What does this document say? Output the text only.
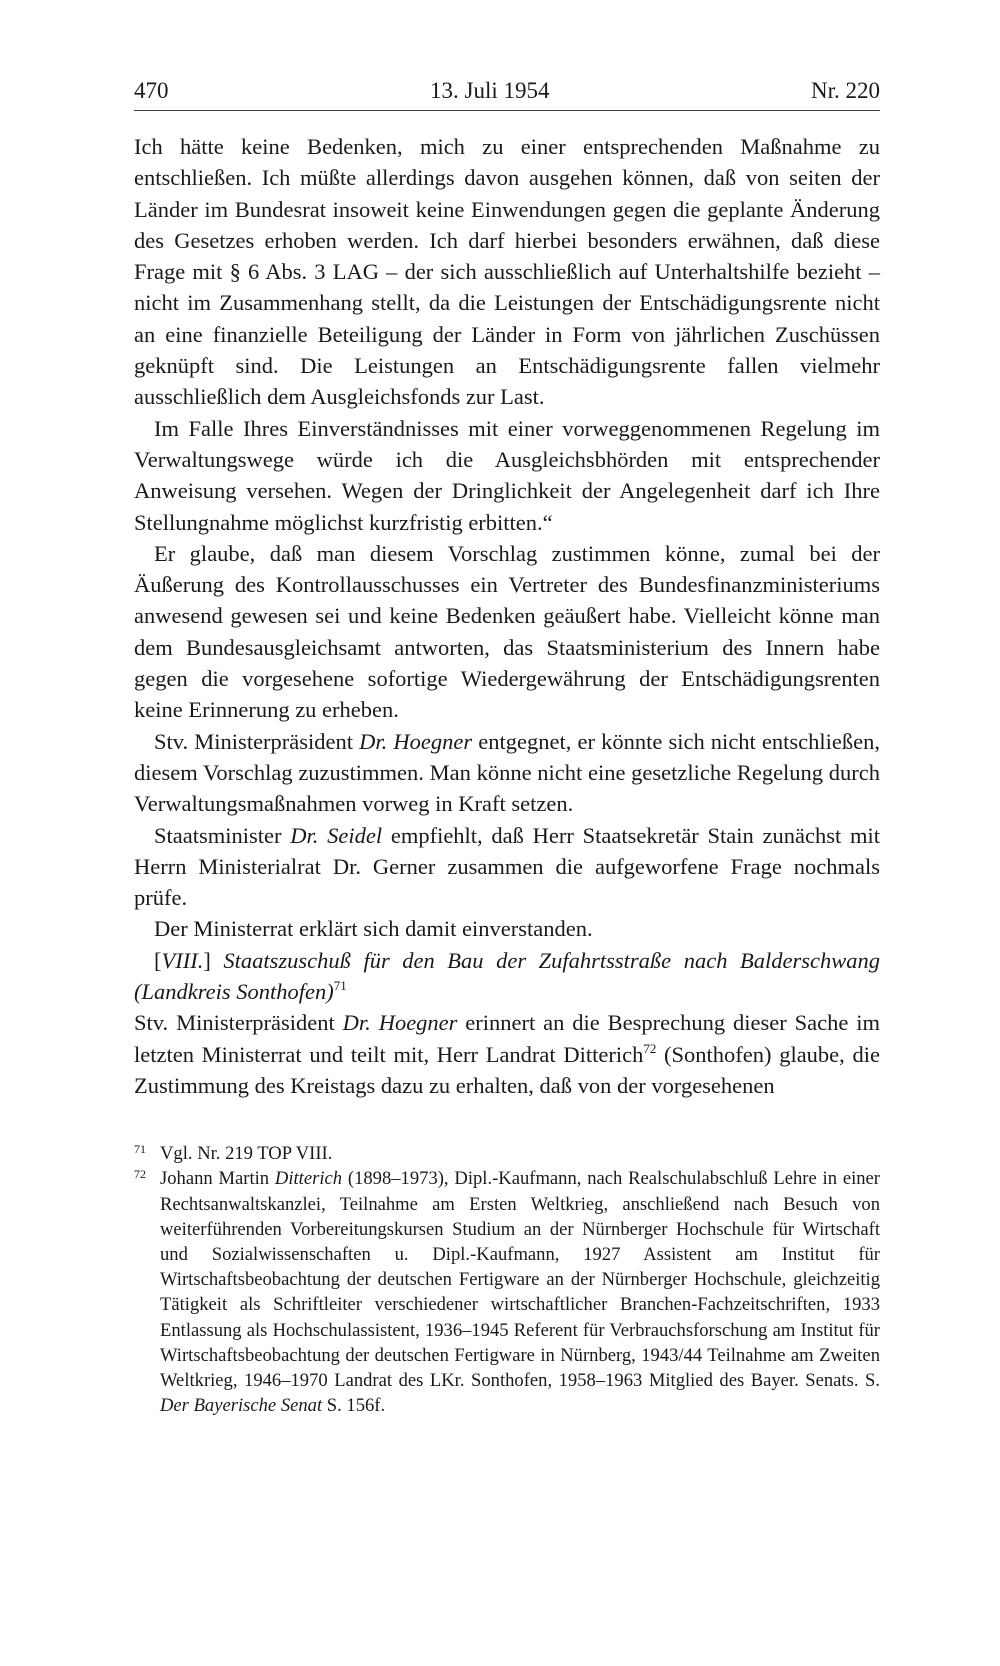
470	13. Juli 1954	Nr. 220

Ich hätte keine Bedenken, mich zu einer entsprechenden Maßnahme zu entschließen. Ich müßte allerdings davon ausgehen können, daß von seiten der Länder im Bundesrat insoweit keine Einwendungen gegen die geplante Änderung des Gesetzes erhoben werden. Ich darf hierbei besonders erwähnen, daß diese Frage mit § 6 Abs. 3 LAG – der sich ausschließlich auf Unterhaltshilfe bezieht – nicht im Zusammenhang stellt, da die Leistungen der Entschädigungsrente nicht an eine finanzielle Beteiligung der Länder in Form von jährlichen Zuschüssen geknüpft sind. Die Leistungen an Entschädigungsrente fallen vielmehr ausschließlich dem Ausgleichsfonds zur Last.

Im Falle Ihres Einverständnisses mit einer vorweggenommenen Regelung im Verwaltungswege würde ich die Ausgleichsbhörden mit entsprechender Anweisung versehen. Wegen der Dringlichkeit der Angelegenheit darf ich Ihre Stellungnahme möglichst kurzfristig erbitten.“

Er glaube, daß man diesem Vorschlag zustimmen könne, zumal bei der Äußerung des Kontrollausschusses ein Vertreter des Bundesfinanzministeriums anwesend gewesen sei und keine Bedenken geäußert habe. Vielleicht könne man dem Bundesausgleichsamt antworten, das Staatsministerium des Innern habe gegen die vorgesehene sofortige Wiedergewährung der Entschädigungsrenten keine Erinnerung zu erheben.

Stv. Ministerpräsident Dr. Hoegner entgegnet, er könnte sich nicht entschließen, diesem Vorschlag zuzustimmen. Man könne nicht eine gesetzliche Regelung durch Verwaltungsmaßnahmen vorweg in Kraft setzen.

Staatsminister Dr. Seidel empfiehlt, daß Herr Staatsekretär Stain zunächst mit Herrn Ministerialrat Dr. Gerner zusammen die aufgeworfene Frage nochmals prüfe.

Der Ministerrat erklärt sich damit einverstanden.

[VIII.] Staatszuschuß für den Bau der Zufahrtsstraße nach Balderschwang (Landkreis Sonthofen)$^{71}$

Stv. Ministerpräsident Dr. Hoegner erinnert an die Besprechung dieser Sache im letzten Ministerrat und teilt mit, Herr Landrat Ditterich$^{72}$ (Sonthofen) glaube, die Zustimmung des Kreistags dazu zu erhalten, daß von der vorgesehenen

71 Vgl. Nr. 219 TOP VIII.
72 Johann Martin Ditterich (1898–1973), Dipl.-Kaufmann, nach Realschulabschluß Lehre in einer Rechtsanwaltskanzlei, Teilnahme am Ersten Weltkrieg, anschließend nach Besuch von weiterführenden Vorbereitungskursen Studium an der Nürnberger Hochschule für Wirtschaft und Sozialwissenschaften u. Dipl.-Kaufmann, 1927 Assistent am Institut für Wirtschaftsbeobachtung der deutschen Fertigware an der Nürnberger Hochschule, gleichzeitig Tätigkeit als Schriftleiter verschiedener wirtschaftlicher Branchen-Fachzeitschriften, 1933 Entlassung als Hochschulassistent, 1936–1945 Referent für Verbrauchsforschung am Institut für Wirtschaftsbeobachtung der deutschen Fertigware in Nürnberg, 1943/44 Teilnahme am Zweiten Weltkrieg, 1946–1970 Landrat des LKr. Sonthofen, 1958–1963 Mitglied des Bayer. Senats. S. Der Bayerische Senat S. 156f.
